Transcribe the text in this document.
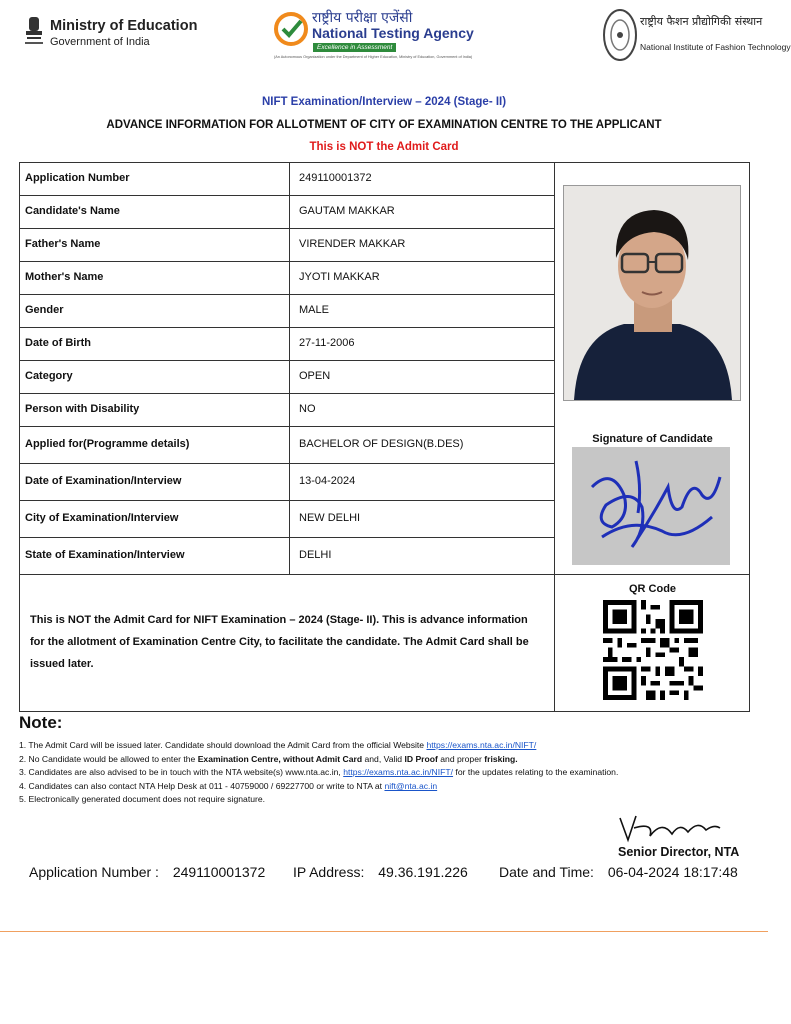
Ministry of Education
Government of India
राष्ट्रीय परीक्षा एजेंसी
National Testing Agency
Excellence in Assessment
(An Autonomous Organization under the Department of Higher Education, Ministry of Education, Government of India)
राष्ट्रीय फैशन प्रौद्योगिकी संस्थान
National Institute of Fashion Technology
NIFT Examination/Interview – 2024 (Stage- II)
ADVANCE INFORMATION FOR ALLOTMENT OF CITY OF EXAMINATION CENTRE TO THE APPLICANT
This is NOT the Admit Card
Application Number	249110001372
Candidate's Name	GAUTAM MAKKAR
Father's Name	VIRENDER MAKKAR
Mother's Name	JYOTI MAKKAR
Gender	MALE
Date of Birth	27-11-2006
Category	OPEN
Person with Disability	NO
Applied for(Programme details)	BACHELOR OF DESIGN(B.DES)
Date of Examination/Interview	13-04-2024
City of Examination/Interview	NEW DELHI
State of Examination/Interview	DELHI
Signature of Candidate
This is NOT the Admit Card for NIFT Examination – 2024 (Stage- II). This is advance information for the allotment of Examination Centre City, to facilitate the candidate. The Admit Card shall be issued later.
QR Code
Note:
1. The Admit Card will be issued later. Candidate should download the Admit Card from the official Website https://exams.nta.ac.in/NIFT/
2. No Candidate would be allowed to enter the Examination Centre, without Admit Card and, Valid ID Proof and proper frisking.
3. Candidates are also advised to be in touch with the NTA website(s) www.nta.ac.in, https://exams.nta.ac.in/NIFT/ for the updates relating to the examination.
4. Candidates can also contact NTA Help Desk at 011 - 40759000 / 69227700 or write to NTA at nift@nta.ac.in
5. Electronically generated document does not require signature.
Senior Director, NTA
Application Number : 249110001372 IP Address: 49.36.191.226 Date and Time: 06-04-2024 18:17:48
